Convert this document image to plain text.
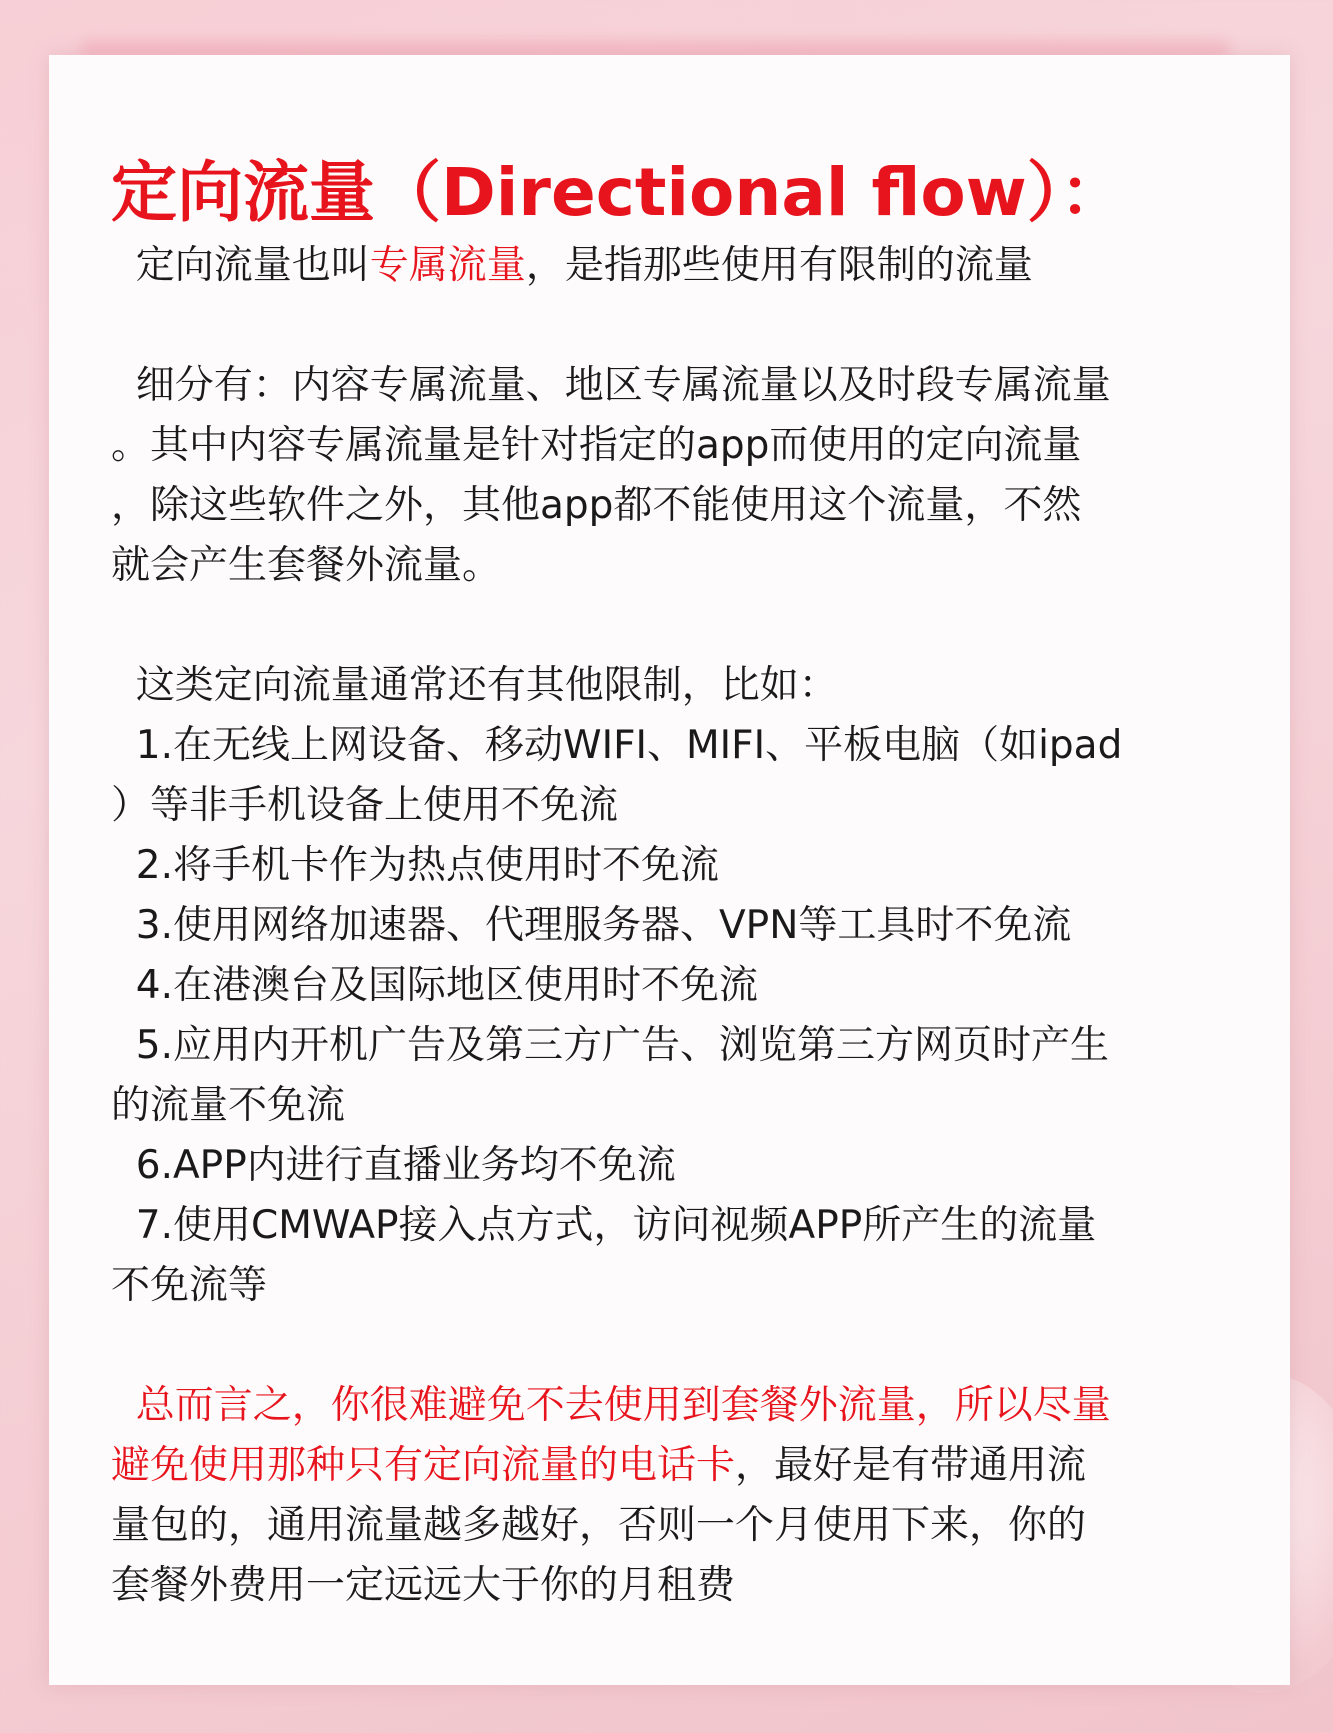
定向流量（Directional flow）：

定向流量也叫专属流量，是指那些使用有限制的流量

细分有：内容专属流量、地区专属流量以及时段专属流量

。其中内容专属流量是针对指定的app而使用的定向流量

，除这些软件之外，其他app都不能使用这个流量，不然

就会产生套餐外流量。

这类定向流量通常还有其他限制，比如：

1.在无线上网设备、移动WIFI、MIFI、平板电脑（如ipad

）等非手机设备上使用不免流

2.将手机卡作为热点使用时不免流

3.使用网络加速器、代理服务器、VPN等工具时不免流

4.在港澳台及国际地区使用时不免流

5.应用内开机广告及第三方广告、浏览第三方网页时产生

的流量不免流

6.APP内进行直播业务均不免流

7.使用CMWAP接入点方式，访问视频APP所产生的流量

不免流等

总而言之，你很难避免不去使用到套餐外流量，所以尽量

避免使用那种只有定向流量的电话卡，最好是有带通用流

量包的，通用流量越多越好，否则一个月使用下来，你的

套餐外费用一定远远大于你的月租费
